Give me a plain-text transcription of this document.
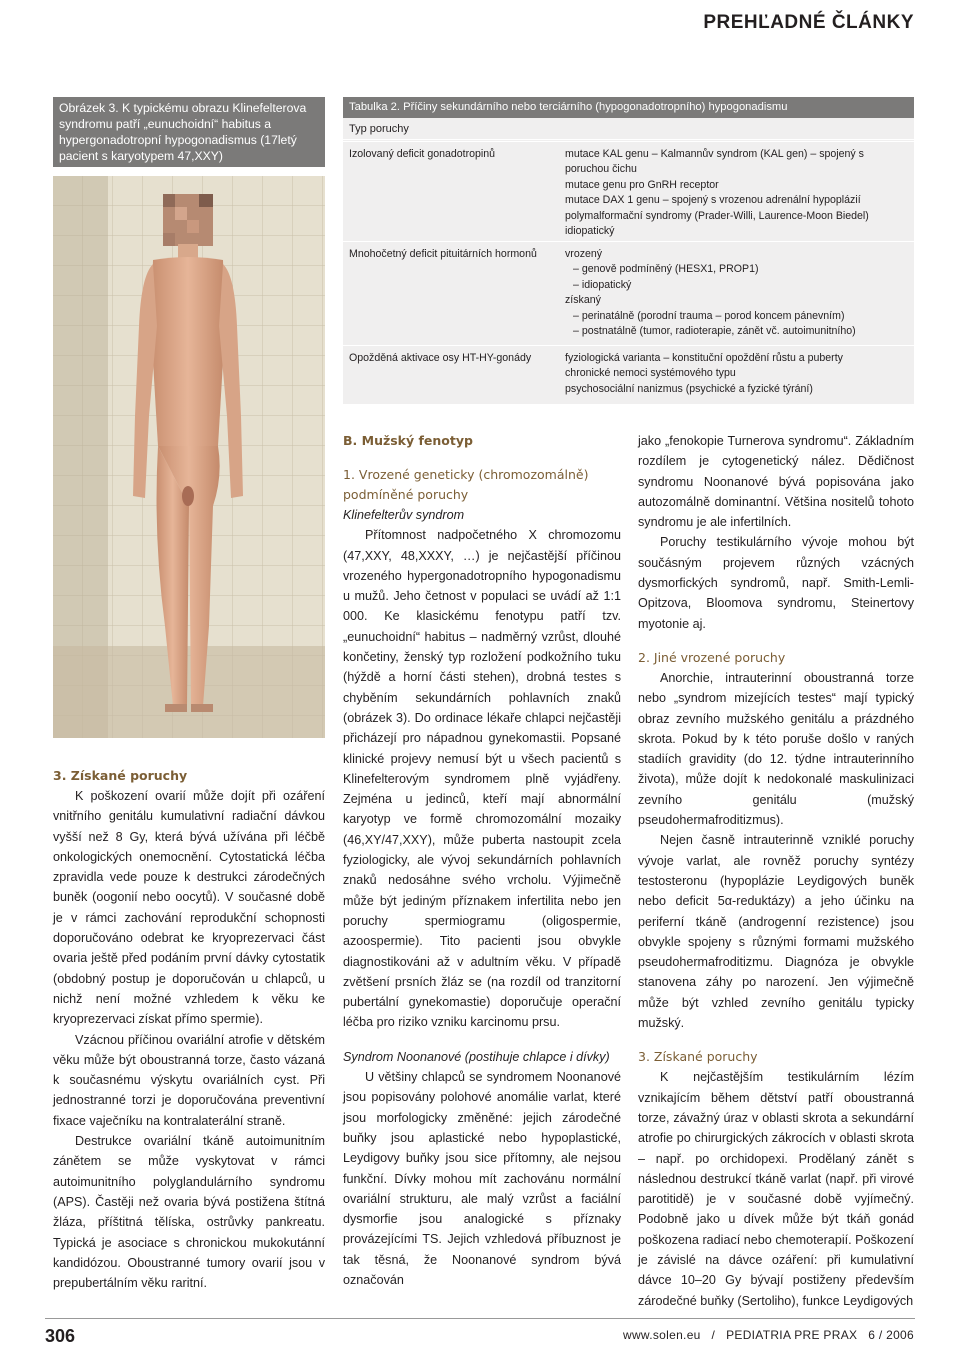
PREHĽADNÉ ČLÁNKY
Obrázek 3. K typickému obrazu Klinefelterova syndromu patří „eunuchoidní“ habitus a hypergonadotropní hypogonadismus (17letý pacient s karyotypem 47,XXY)
Tabulka 2. Příčiny sekundárního nebo terciárního (hypogonadotropního) hypogonadismu
Typ poruchy
Izolovaný deficit gonadotropinů	mutace KAL genu – Kalmannův syndrom (KAL gen) – spojený s poruchou čichu
mutace genu pro GnRH receptor
mutace DAX 1 genu – spojený s vrozenou adrenální hypoplázií
polymalformační syndromy (Prader-Willi, Laurence-Moon Biedel)
idiopatický
Mnohočetný deficit pituitárních hormonů	vrozený
– genově podmíněný (HESX1, PROP1)
– idiopatický
získaný
– perinatálně (porodní trauma – porod koncem pánevním)
– postnatálně (tumor, radioterapie, zánět vč. autoimunitního)
Opožděná aktivace osy HT-HY-gonády	fyziologická varianta – konstituční opoždění růstu a puberty
chronické nemoci systémového typu
psychosociální nanizmus (psychické a fyzické týrání)
3. Získané poruchy

K poškození ovarií může dojít při ozáření vnitřního genitálu kumulativní radiační dávkou vyšší než 8 Gy, která bývá užívána při léčbě onkologických onemocnění. Cytostatická léčba zpravidla vede pouze k destrukci zárodečných buněk (oogonií nebo oocytů). V současné době je v rámci zachování reprodukční schopnosti doporučováno odebrat ke kryoprezervaci část ovaria ještě před podáním první dávky cytostatik (obdobný postup je doporučován u chlapců, u nichž není možné vzhledem k věku ke kryoprezervaci získat přímo spermie).

Vzácnou příčinou ovariální atrofie v dětském věku může být oboustranná torze, často vázaná k současnému výskytu ovariálních cyst. Při jednostranné torzi je doporučována preventivní fixace vaječníku na kontralaterální straně.

Destrukce ovariální tkáně autoimunitním zánětem se může vyskytovat v rámci autoimunitního polyglandulárního syndromu (APS). Častěji než ovaria bývá postižena štítná žláza, příštitná tělíska, ostrůvky pankreatu. Typická je asociace s chronickou mukokutánní kandidózou. Oboustranné tumory ovarií jsou v prepubertálním věku raritní.

B. Mužský fenotyp
1. Vrozené geneticky (chromozomálně)
podmíněné poruchy
Klinefelterův syndrom

Přítomnost nadpočetného X chromozomu (47,XXY, 48,XXXY, …) je nejčastější příčinou vrozeného hypergonadotropního hypogonadismu u mužů. Jeho četnost v populaci se uvádí až 1:1 000. Ke klasickému fenotypu patří tzv. „eunuchoidní“ habitus – nadměrný vzrůst, dlouhé končetiny, ženský typ rozložení podkožního tuku (hýždě a horní části stehen), drobná testes s chyběním sekundárních pohlavních znaků (obrázek 3). Do ordinace lékaře chlapci nejčastěji přicházejí pro nápadnou gynekomastii. Popsané klinické projevy nemusí být u všech pacientů s Klinefelterovým syndromem plně vyjádřeny. Zejména u jedinců, kteří mají abnormální karyotyp ve formě chromozomální mozaiky (46,XY/47,XXY), může puberta nastoupit zcela fyziologicky, ale vývoj sekundárních pohlavních znaků nedosáhne svého vrcholu. Výjimečně může být jediným příznakem infertilita nebo jen poruchy spermiogramu (oligospermie, azoospermie). Tito pacienti jsou obvykle diagnostikováni až v adultním věku. V případě zvětšení prsních žláz se (na rozdíl od tranzitorní pubertální gynekomastie) doporučuje operační léčba pro riziko vzniku karcinomu prsu.

Syndrom Noonanové (postihuje chlapce i dívky)

U většiny chlapců se syndromem Noonanové jsou popisovány polohové anomálie varlat, které jsou morfologicky změněné: jejich zárodečné buňky jsou aplastické nebo hypoplastické, Leydigovy buňky jsou sice přítomny, ale nejsou funkční. Dívky mohou mít zachovánu normální ovariální strukturu, ale malý vzrůst a faciální dysmorfie jsou analogické s příznaky provázejícími TS. Jejich vzhledová příbuznost je tak těsná, že Noonanové syndrom bývá označován

jako „fenokopie Turnerova syndromu“. Základním rozdílem je cytogenetický nález. Dědičnost syndromu Noonanové bývá popisována jako autozomálně dominantní. Většina nositelů tohoto syndromu je ale infertilních.

Poruchy testikulárního vývoje mohou být součásným projevem různých vzácných dysmorfických syndromů, např. Smith-Lemli-Opitzova, Bloomova syndromu, Steinertovy myotonie aj.

2. Jiné vrozené poruchy

Anorchie, intrauterinní oboustranná torze nebo „syndrom mizejících testes“ mají typický obraz zevního mužského genitálu a prázdného skrota. Pokud by k této poruše došlo v raných stadiích gravidity (do 12. týdne intrauterinního života), může dojít k nedokonalé maskulinizaci zevního genitálu (mužský pseudohermafroditizmus).

Nejen časně intrauterinně vzniklé poruchy vývoje varlat, ale rovněž poruchy syntézy testosteronu (hypoplázie Leydigových buněk nebo deficit 5α-reduktázy) a jeho účinku na periferní tkáně (androgenní rezistence) jsou obvykle spojeny s různými formami mužského pseudohermafroditizmu. Diagnóza je obvykle stanovena záhy po narození. Jen výjimečně může být vzhled zevního genitálu typicky mužský.

3. Získané poruchy

K nejčastějším testikulárním lézím vznikajícím během dětství patří oboustranná torze, závažný úraz v oblasti skrota a sekundární atrofie po chirurgických zákrocích v oblasti skrota – např. po orchidopexi. Prodělaný zánět s následnou destrukcí tkáně varlat (např. při virové parotitidě) je v současné době vyjímečný. Podobně jako u dívek může být tkáň gonád poškozena radiací nebo chemoterapií. Poškození je závislé na dávce ozáření: při kumulativní dávce 10–20 Gy bývají postiženy především zárodečné buňky (Sertoliho), funkce Leydigových

306	www.solen.eu / PEDIATRIA PRE PRAX 6 / 2006
